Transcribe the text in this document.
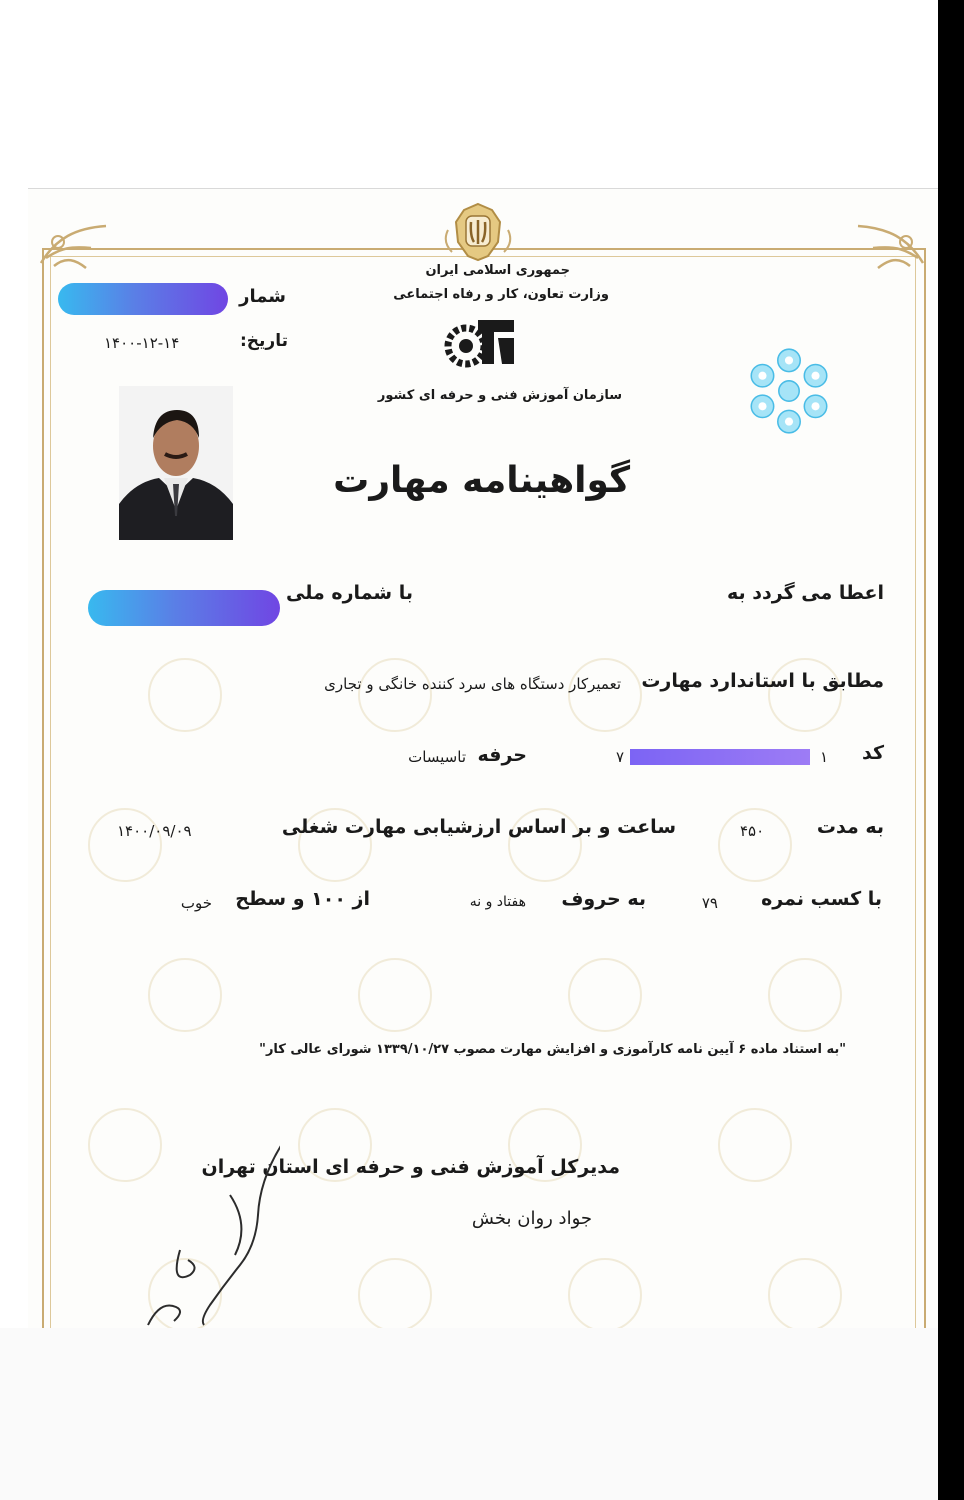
جمهوری اسلامی ایران
وزارت تعاون، کار و رفاه اجتماعی
سازمان آموزش فنی و حرفه ای کشور
شمار
تاریخ:
۱۴۰۰-۱۲-۱۴
گواهینامه مهارت
اعطا می گردد به
با شماره ملی
مطابق با استاندارد مهارت
تعمیرکار دستگاه های سرد کننده خانگی و تجاری
کد
۱
۷
حرفه
تاسیسات
به مدت
۴۵۰
ساعت و بر اساس ارزشیابی مهارت شغلی
۱۴۰۰/۰۹/۰۹
با کسب نمره
۷۹
به حروف
هفتاد و نه
از ۱۰۰ و سطح
خوب
"به استناد ماده ۶ آیین نامه کارآموزی و افزایش مهارت مصوب ۱۳۳۹/۱۰/۲۷ شورای عالی کار"
مدیرکل آموزش فنی و حرفه ای استان تهران
جواد روان بخش
